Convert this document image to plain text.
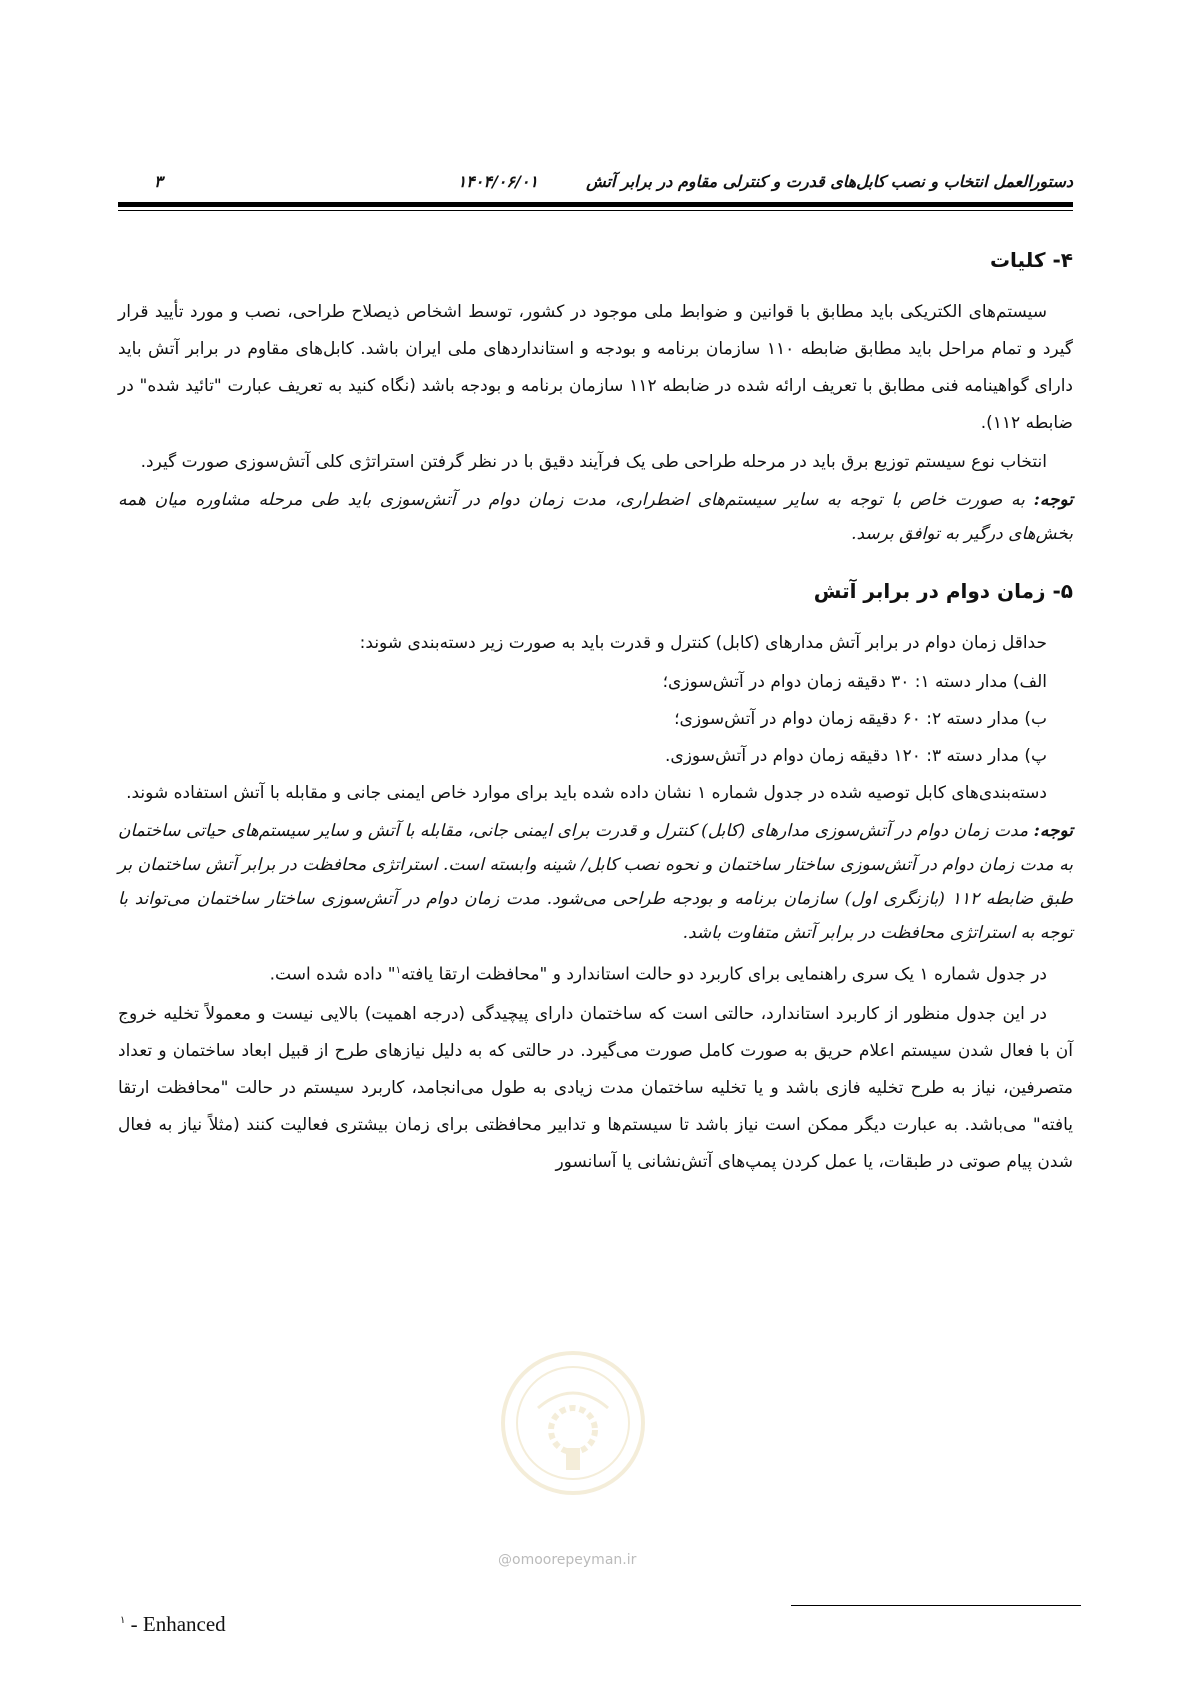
دستورالعمل انتخاب و نصب کابل‌های قدرت و کنترلی مقاوم در برابر آتش
۱۴۰۴/۰۶/۰۱
۳
۴- کلیات

سیستم‌های الکتریکی باید مطابق با قوانین و ضوابط ملی موجود در کشور، توسط اشخاص ذیصلاح طراحی، نصب و مورد تأیید قرار گیرد و تمام مراحل باید مطابق ضابطه ۱۱۰ سازمان برنامه و بودجه و استانداردهای ملی ایران باشد. کابل‌های مقاوم در برابر آتش باید دارای گواهینامه فنی مطابق با تعریف ارائه شده در ضابطه ۱۱۲ سازمان برنامه و بودجه باشد (نگاه کنید به تعریف عبارت "تائید شده" در ضابطه ۱۱۲).

انتخاب نوع سیستم توزیع برق باید در مرحله طراحی طی یک فرآیند دقیق با در نظر گرفتن استراتژی کلی آتش‌سوزی صورت گیرد.

توجه: به صورت خاص با توجه به سایر سیستم‌های اضطراری، مدت زمان دوام در آتش‌سوزی باید طی مرحله مشاوره میان همه بخش‌های درگیر به توافق برسد.

۵- زمان دوام در برابر آتش

حداقل زمان دوام در برابر آتش مدارهای (کابل) کنترل و قدرت باید به صورت زیر دسته‌بندی شوند:

الف) مدار دسته ۱: ۳۰ دقیقه زمان دوام در آتش‌سوزی؛

ب) مدار دسته ۲: ۶۰ دقیقه زمان دوام در آتش‌سوزی؛

پ) مدار دسته ۳: ۱۲۰ دقیقه زمان دوام در آتش‌سوزی.

دسته‌بندی‌های کابل توصیه شده در جدول شماره ۱ نشان داده شده باید برای موارد خاص ایمنی جانی و مقابله با آتش استفاده شوند.

توجه: مدت زمان دوام در آتش‌سوزی مدارهای (کابل) کنترل و قدرت برای ایمنی جانی، مقابله با آتش و سایر سیستم‌های حیاتی ساختمان به مدت زمان دوام در آتش‌سوزی ساختار ساختمان و نحوه نصب کابل/ شینه وابسته است. استراتژی محافظت در برابر آتش ساختمان بر طبق ضابطه ۱۱۲ (بازنگری اول) سازمان برنامه و بودجه طراحی می‌شود. مدت زمان دوام در آتش‌سوزی ساختار ساختمان می‌تواند با توجه به استراتژی محافظت در برابر آتش متفاوت باشد.

در جدول شماره ۱ یک سری راهنمایی برای کاربرد دو حالت استاندارد و "محافظت ارتقا یافته$^۱$" داده شده است.

در این جدول منظور از کاربرد استاندارد، حالتی است که ساختمان دارای پیچیدگی (درجه اهمیت) بالایی نیست و معمولاً تخلیه خروج آن با فعال شدن سیستم اعلام حریق به صورت کامل صورت می‌گیرد. در حالتی که به دلیل نیازهای طرح از قبیل ابعاد ساختمان و تعداد متصرفین، نیاز به طرح تخلیه فازی باشد و یا تخلیه ساختمان مدت زیادی به طول می‌انجامد، کاربرد سیستم در حالت "محافظت ارتقا یافته" می‌باشد. به عبارت دیگر ممکن است نیاز باشد تا سیستم‌ها و تدابیر محافظتی برای زمان بیشتری فعالیت کنند (مثلاً نیاز به فعال شدن پیام صوتی در طبقات، یا عمل کردن پمپ‌های آتش‌نشانی یا آسانسور

@omoorepeyman.ir
$^۱$ - Enhanced
